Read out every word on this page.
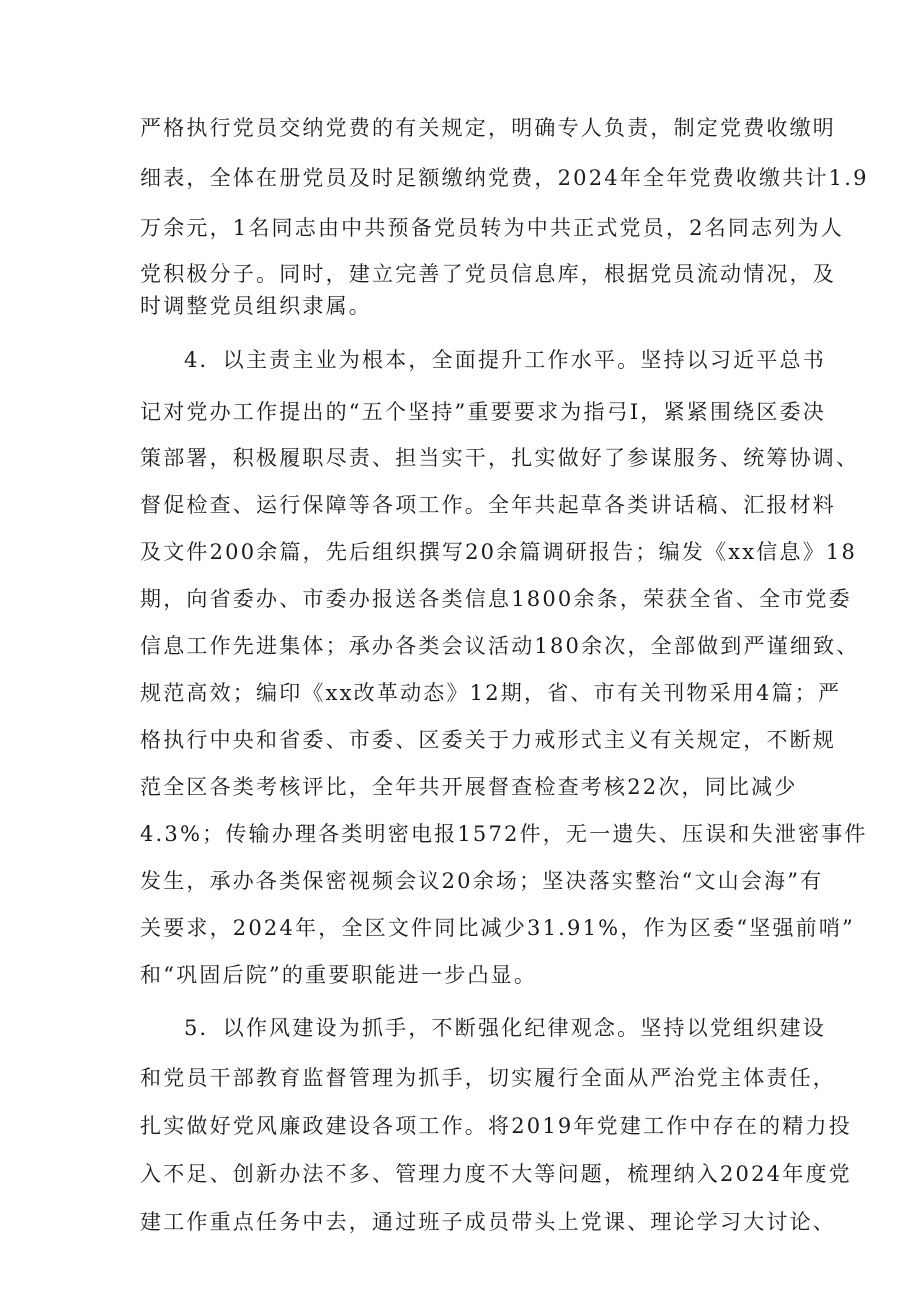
严格执行党员交纳党费的有关规定，明确专人负责，制定党费收缴明
细表，全体在册党员及时足额缴纳党费，2024年全年党费收缴共计1.9
万余元，1名同志由中共预备党员转为中共正式党员，2名同志列为人
党积极分子。同时，建立完善了党员信息库，根据党员流动情况，及
时调整党员组织隶属。
4．以主责主业为根本，全面提升工作水平。坚持以习近平总书
记对党办工作提出的“五个坚持”重要要求为指弓I，紧紧围绕区委决
策部署，积极履职尽责、担当实干，扎实做好了参谋服务、统筹协调、
督促检查、运行保障等各项工作。全年共起草各类讲话稿、汇报材料
及文件200余篇，先后组织撰写20余篇调研报告；编发《xx信息》18
期，向省委办、市委办报送各类信息1800余条，荣获全省、全市党委
信息工作先进集体；承办各类会议活动180余次，全部做到严谨细致、
规范高效；编印《xx改革动态》12期，省、市有关刊物采用4篇；严
格执行中央和省委、市委、区委关于力戒形式主义有关规定，不断规
范全区各类考核评比，全年共开展督查检查考核22次，同比减少
4.3%；传输办理各类明密电报1572件，无一遗失、压误和失泄密事件
发生，承办各类保密视频会议20余场；坚决落实整治“文山会海”有
关要求，2024年，全区文件同比减少31.91%，作为区委“坚强前哨”
和“巩固后院”的重要职能进一步凸显。
5．以作风建设为抓手，不断强化纪律观念。坚持以党组织建设
和党员干部教育监督管理为抓手，切实履行全面从严治党主体责任，
扎实做好党风廉政建设各项工作。将2019年党建工作中存在的精力投
入不足、创新办法不多、管理力度不大等问题，梳理纳入2024年度党
建工作重点任务中去，通过班子成员带头上党课、理论学习大讨论、
